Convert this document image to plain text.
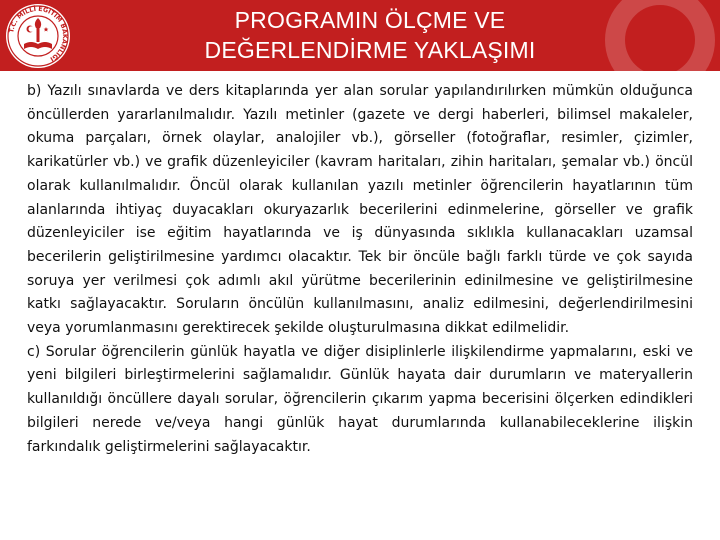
T.C. MİLLÎ EĞİTİM BAKANLIĞI
PROGRAMIN ÖLÇME VE
DEĞERLENDİRME YAKLAŞIMI

b) Yazılı sınavlarda ve ders kitaplarında yer alan sorular yapılandırılırken mümkün olduğunca öncüllerden yararlanılmalıdır. Yazılı metinler (gazete ve dergi haberleri, bilimsel makaleler, okuma parçaları, örnek olaylar, analojiler vb.), görseller (fotoğraflar, resimler, çizimler, karikatürler vb.) ve grafik düzenleyiciler (kavram haritaları, zihin haritaları, şemalar vb.) öncül olarak kullanılmalıdır. Öncül olarak kullanılan yazılı metinler öğrencilerin hayatlarının tüm alanlarında ihtiyaç duyacakları okuryazarlık becerilerini edinmelerine, görseller ve grafik düzenleyiciler ise eğitim hayatlarında ve iş dünyasında sıklıkla kullanacakları uzamsal becerilerin geliştirilmesine yardımcı olacaktır. Tek bir öncüle bağlı farklı türde ve çok sayıda soruya yer verilmesi çok adımlı akıl yürütme becerilerinin edinilmesine ve geliştirilmesine katkı sağlayacaktır. Soruların öncülün kullanılmasını, analiz edilmesini, değerlendirilmesini veya yorumlanmasını gerektirecek şekilde oluşturulmasına dikkat edilmelidir.

c) Sorular öğrencilerin günlük hayatla ve diğer disiplinlerle ilişkilendirme yapmalarını, eski ve yeni bilgileri birleştirmelerini sağlamalıdır. Günlük hayata dair durumların ve materyallerin kullanıldığı öncüllere dayalı sorular, öğrencilerin çıkarım yapma becerisini ölçerken edindikleri bilgileri nerede ve/veya hangi günlük hayat durumlarında kullanabileceklerine ilişkin farkındalık geliştirmelerini sağlayacaktır.
